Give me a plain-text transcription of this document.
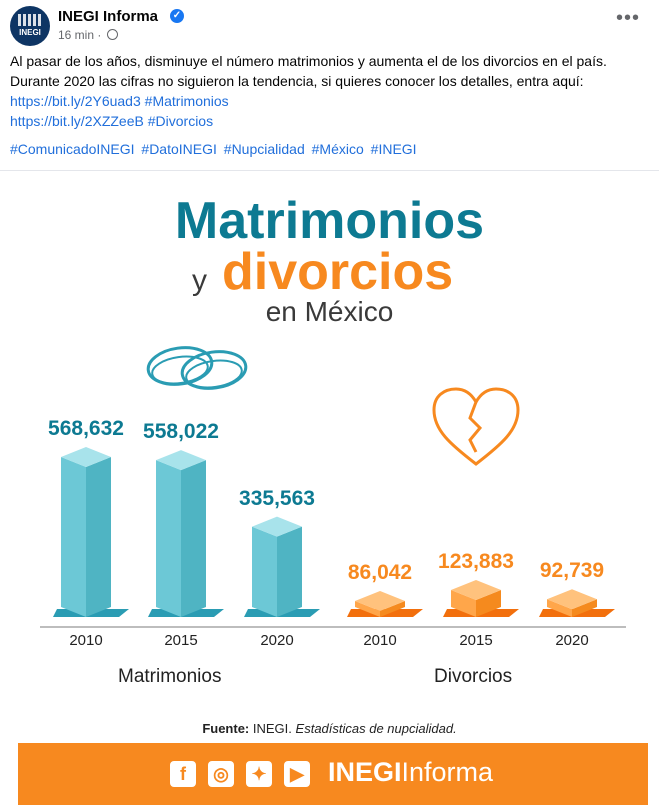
INEGI
INEGI Informa ✓
16 min ·
•••
Al pasar de los años, disminuye el número matrimonios y aumenta el de los divorcios en el país.
Durante 2020 las cifras no siguieron la tendencia, si quieres conocer los detalles, entra aquí:
https://bit.ly/2Y6uad3 #Matrimonios
https://bit.ly/2XZZeeB #Divorcios
#ComunicadoINEGI #DatoINEGI #Nupcialidad #México #INEGI
Matrimonios
y divorcios
en México
568,632
2010
558,022
2015
335,563
2020
86,042
2010
123,883
2015
92,739
2020
Matrimonios	Divorcios
Fuente: INEGI. Estadísticas de nupcialidad.
f	◎	✦	▶ INEGIInforma
